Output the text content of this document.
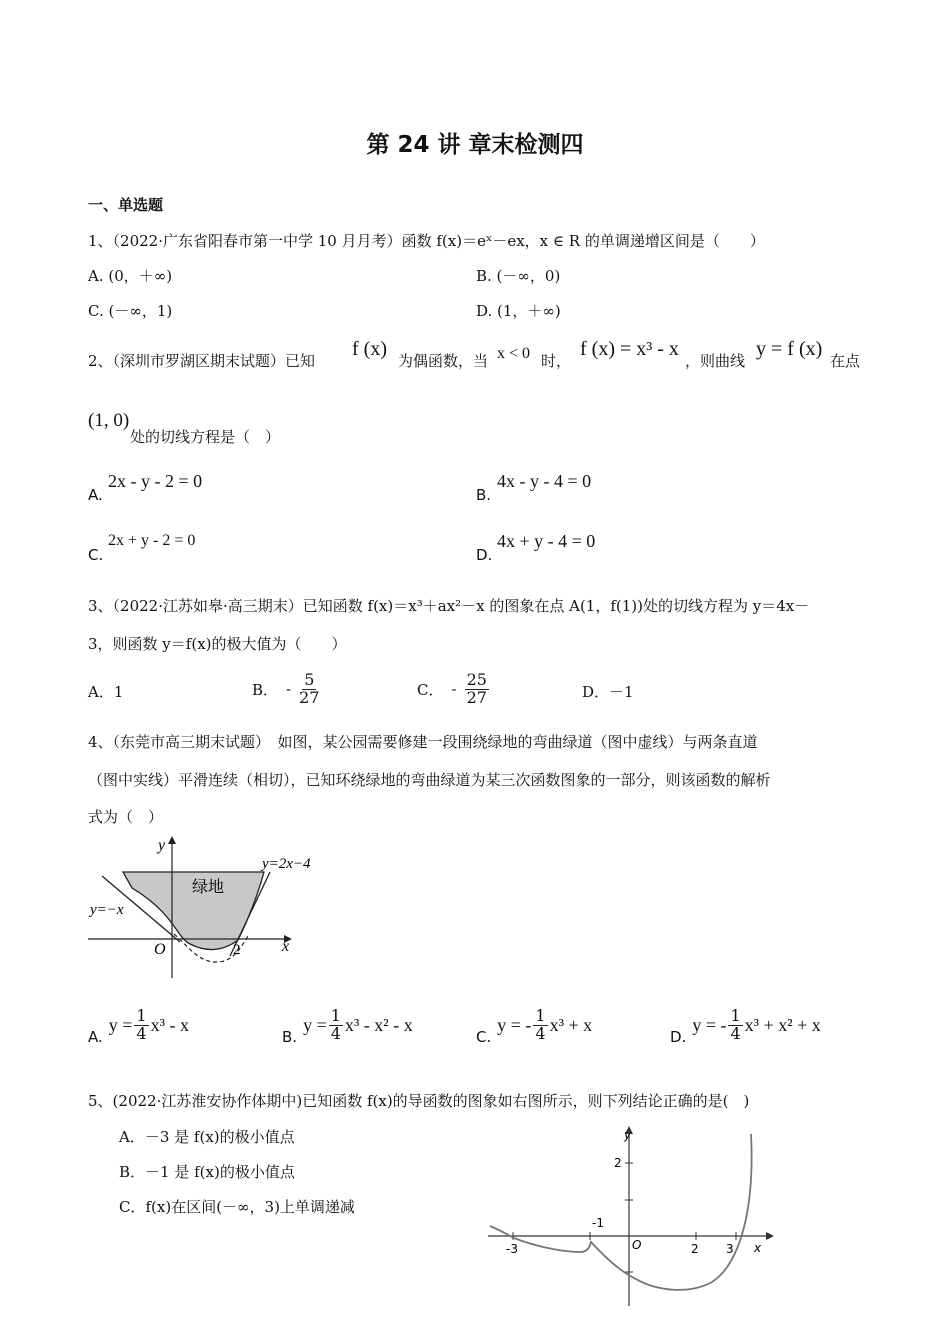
第 24 讲 章末检测四
一、单选题
1、（2022·广东省阳春市第一中学 10 月月考）函数 f(x)＝eˣ－ex，x ∈ R 的单调递增区间是（　　）
A. (0，＋∞)	B. (－∞，0)
C. (－∞，1)	D. (1，＋∞)
2、（深圳市罗湖区期末试题）已知
f (x)
为偶函数，当 x < 0 时，
f (x) = x³ - x
，则曲线
y = f (x)
在点
(1, 0)
处的切线方程是（　）
A.
2x - y - 2 = 0
B.
4x - y - 4 = 0
C.
2x + y - 2 = 0
D.
4x + y - 4 = 0
3、（2022·江苏如皋·高三期末）已知函数 f(x)＝x³＋ax²－x 的图象在点 A(1，f(1))处的切线方程为 y＝4x－
3，则函数 y＝f(x)的极大值为（　　）
A．1	B． - $\frac{5}{27}$	C． - $\frac{25}{27}$	D．－1
4、（东莞市高三期末试题）　如图，某公园需要修建一段围绕绿地的弯曲绿道（图中虚线）与两条直道
（图中实线）平滑连续（相切），已知环绕绿地的弯曲绿道为某三次函数图象的一部分，则该函数的解析
式为（　）
y
x
O	2
y=2x−4
y=−x
绿地
A.
$y = \frac{1}{4} x^3 - x$
B.
$y = \frac{1}{4} x^3 - x^2 - x$
C.
y = - $\frac{1}{4} x^3 + x$
D.
y = - $\frac{1}{4} x^3 + x^2 + x$
5、(2022·江苏淮安协作体期中)已知函数 f(x)的导函数的图象如右图所示，则下列结论正确的是(　)
A．－3 是 f(x)的极小值点
B．－1 是 f(x)的极小值点
C．f(x)在区间(－∞，3)上单调递减
y
x
O
-3
-1
2 3
2
